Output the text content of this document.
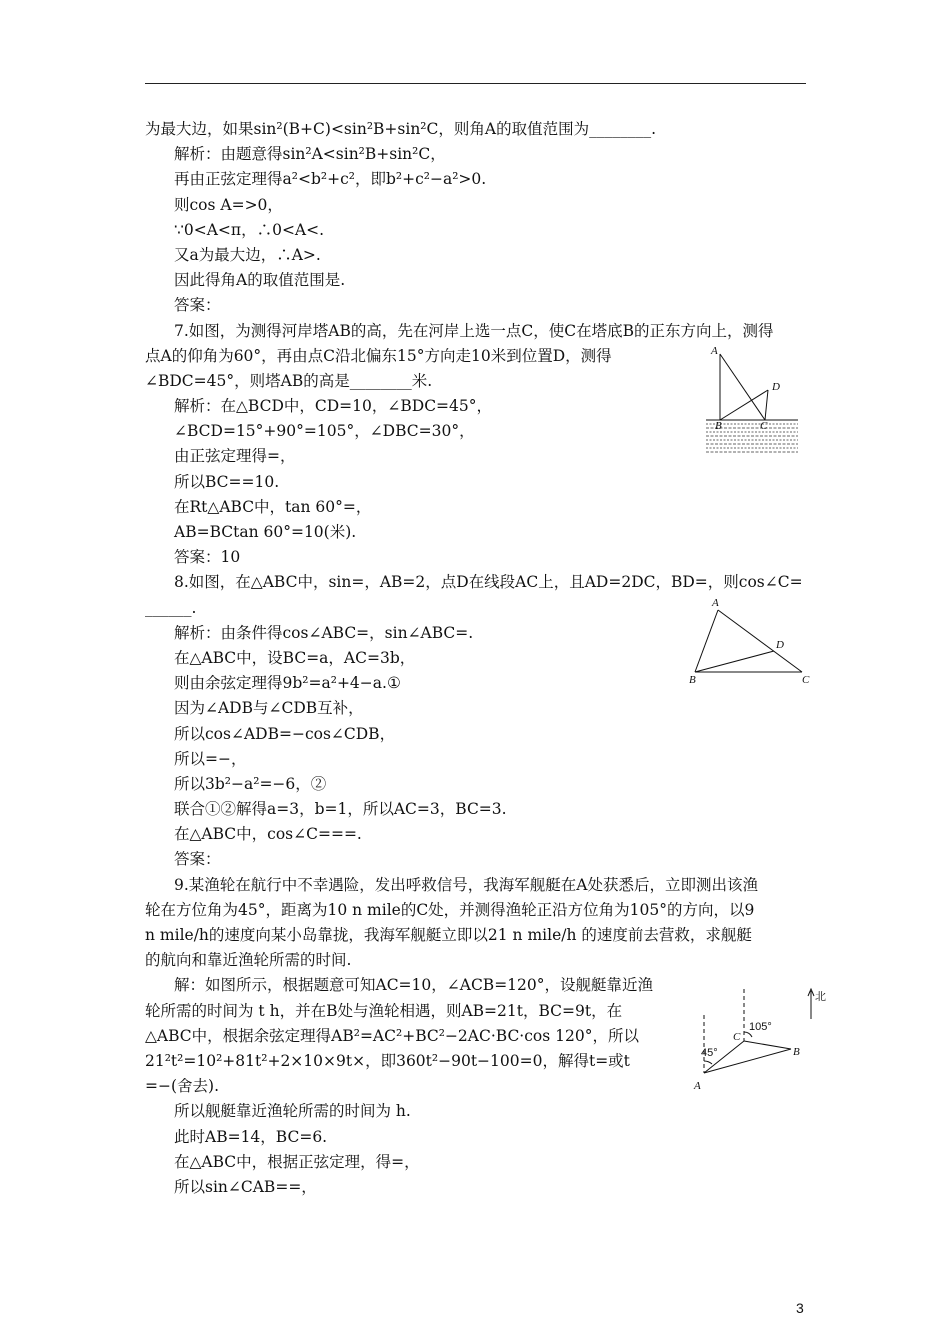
为最大边，如果sin²(B+C)<sin²B+sin²C，则角A的取值范围为________.
解析：由题意得sin²A<sin²B+sin²C，
再由正弦定理得a²<b²+c²，即b²+c²−a²>0.
则cos A=>0，
∵0<A<π，∴0<A<.
又a为最大边，∴A>.
因此得角A的取值范围是.
答案：
7.如图，为测得河岸塔AB的高，先在河岸上选一点C，使C在塔底B的正东方向上，测得
点A的仰角为60°，再由点C沿北偏东15°方向走10米到位置D，测得
∠BDC=45°，则塔AB的高是________米.
解析：在△BCD中，CD=10，∠BDC=45°，
∠BCD=15°+90°=105°，∠DBC=30°，
由正弦定理得=，
所以BC==10.
在Rt△ABC中，tan 60°=，
AB=BCtan 60°=10(米).
答案：10
8.如图，在△ABC中，sin=，AB=2，点D在线段AC上，且AD=2DC，BD=，则cos∠C=
______.
解析：由条件得cos∠ABC=，sin∠ABC=.
在△ABC中，设BC=a，AC=3b，
则由余弦定理得9b²=a²+4−a.①
因为∠ADB与∠CDB互补，
所以cos∠ADB=−cos∠CDB，
所以=−，
所以3b²−a²=−6，②
联合①②解得a=3，b=1，所以AC=3，BC=3.
在△ABC中，cos∠C===.
答案：
9.某渔轮在航行中不幸遇险，发出呼救信号，我海军舰艇在A处获悉后，立即测出该渔
轮在方位角为45°，距离为10 n mile的C处，并测得渔轮正沿方位角为105°的方向，以9
n mile/h的速度向某小岛靠拢，我海军舰艇立即以21 n mile/h 的速度前去营救，求舰艇
的航向和靠近渔轮所需的时间.
解：如图所示，根据题意可知AC=10，∠ACB=120°，设舰艇靠近渔
轮所需的时间为 t h，并在B处与渔轮相遇，则AB=21t，BC=9t，在
△ABC中，根据余弦定理得AB²=AC²+BC²−2AC·BC·cos 120°，所以
21²t²=10²+81t²+2×10×9t×，即360t²−90t−100=0，解得t=或t
=−(舍去).
所以舰艇靠近渔轮所需的时间为 h.
此时AB=14，BC=6.
在△ABC中，根据正弦定理，得=，
所以sin∠CAB==，
A
B	C
D
A
B	C
D
C
B
A
45°
105°
北
3
